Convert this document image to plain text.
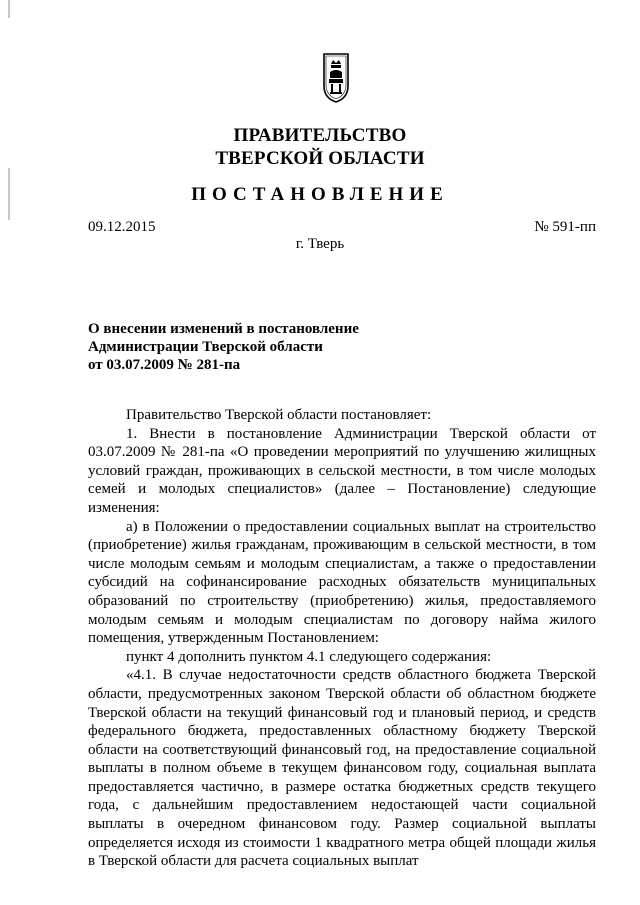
ПРАВИТЕЛЬСТВО
ТВЕРСКОЙ ОБЛАСТИ
ПОСТАНОВЛЕНИЕ
09.12.2015	№ 591-пп
г. Тверь
О внесении изменений в постановление
Администрации Тверской области
от 03.07.2009 № 281-па

Правительство Тверской области постановляет:

1. Внести в постановление Администрации Тверской области от 03.07.2009 № 281-па «О проведении мероприятий по улучшению жилищных условий граждан, проживающих в сельской местности, в том числе молодых семей и молодых специалистов» (далее – Постановление) следующие изменения:

а) в Положении о предоставлении социальных выплат на строительство (приобретение) жилья гражданам, проживающим в сельской местности, в том числе молодым семьям и молодым специалистам, а также о предоставлении субсидий на софинансирование расходных обязательств муниципальных образований по строительству (приобретению) жилья, предоставляемого молодым семьям и молодым специалистам по договору найма жилого помещения, утвержденным Постановлением:

пункт 4 дополнить пунктом 4.1 следующего содержания:

«4.1. В случае недостаточности средств областного бюджета Тверской области, предусмотренных законом Тверской области об областном бюджете Тверской области на текущий финансовый год и плановый период, и средств федерального бюджета, предоставленных областному бюджету Тверской области на соответствующий финансовый год, на предоставление социальной выплаты в полном объеме в текущем финансовом году, социальная выплата предоставляется частично, в размере остатка бюджетных средств текущего года, с дальнейшим предоставлением недостающей части социальной выплаты в очередном финансовом году. Размер социальной выплаты определяется исходя из стоимости 1 квадратного метра общей площади жилья в Тверской области для расчета социальных выплат
